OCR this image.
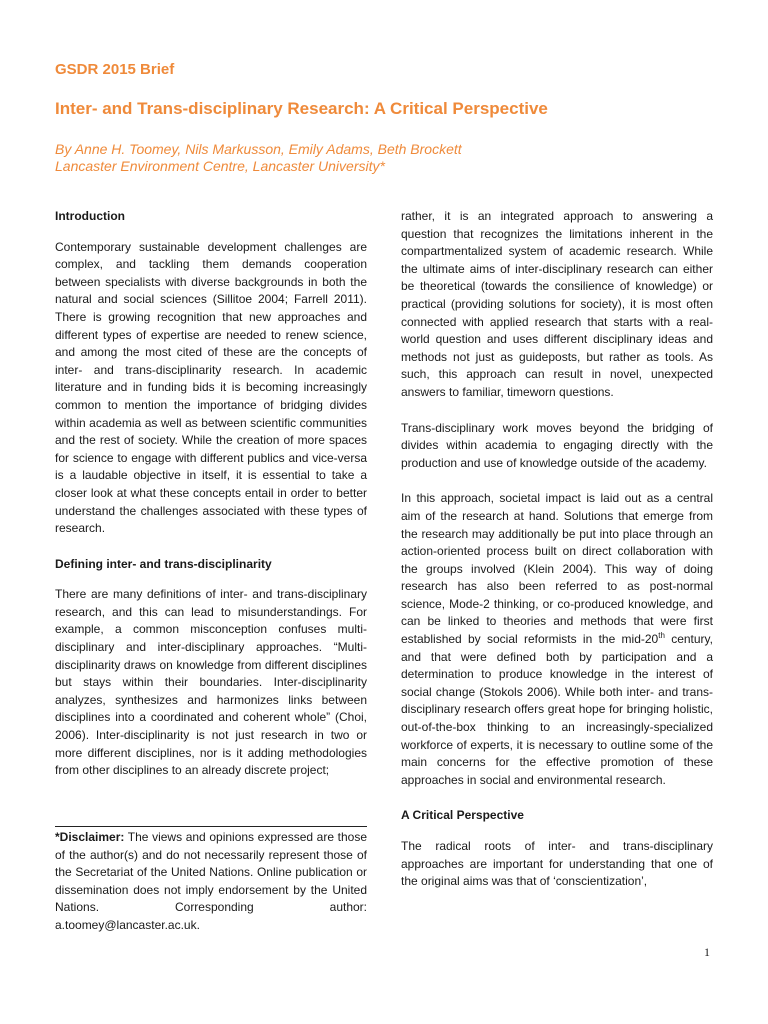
GSDR 2015 Brief
Inter- and Trans-disciplinary Research: A Critical Perspective
By Anne H. Toomey, Nils Markusson, Emily Adams, Beth Brockett
Lancaster Environment Centre, Lancaster University*
Introduction

Contemporary sustainable development challenges are complex, and tackling them demands cooperation between specialists with diverse backgrounds in both the natural and social sciences (Sillitoe 2004; Farrell 2011). There is growing recognition that new approaches and different types of expertise are needed to renew science, and among the most cited of these are the concepts of inter- and trans-disciplinarity research. In academic literature and in funding bids it is becoming increasingly common to mention the importance of bridging divides within academia as well as between scientific communities and the rest of society. While the creation of more spaces for science to engage with different publics and vice-versa is a laudable objective in itself, it is essential to take a closer look at what these concepts entail in order to better understand the challenges associated with these types of research.

Defining inter- and trans-disciplinarity

There are many definitions of inter- and trans-disciplinary research, and this can lead to misunderstandings. For example, a common misconception confuses multi-disciplinary and inter-disciplinary approaches. “Multi-disciplinarity draws on knowledge from different disciplines but stays within their boundaries. Inter-disciplinarity analyzes, synthesizes and harmonizes links between disciplines into a coordinated and coherent whole” (Choi, 2006). Inter-disciplinarity is not just research in two or more different disciplines, nor is it adding methodologies from other disciplines to an already discrete project;

*Disclaimer: The views and opinions expressed are those of the author(s) and do not necessarily represent those of the Secretariat of the United Nations. Online publication or dissemination does not imply endorsement by the United Nations. Corresponding author: a.toomey@lancaster.ac.uk.

rather, it is an integrated approach to answering a question that recognizes the limitations inherent in the compartmentalized system of academic research. While the ultimate aims of inter-disciplinary research can either be theoretical (towards the consilience of knowledge) or practical (providing solutions for society), it is most often connected with applied research that starts with a real-world question and uses different disciplinary ideas and methods not just as guideposts, but rather as tools. As such, this approach can result in novel, unexpected answers to familiar, timeworn questions.

Trans-disciplinary work moves beyond the bridging of divides within academia to engaging directly with the production and use of knowledge outside of the academy.

In this approach, societal impact is laid out as a central aim of the research at hand. Solutions that emerge from the research may additionally be put into place through an action-oriented process built on direct collaboration with the groups involved (Klein 2004). This way of doing research has also been referred to as post-normal science, Mode-2 thinking, or co-produced knowledge, and can be linked to theories and methods that were first established by social reformists in the mid-20th century, and that were defined both by participation and a determination to produce knowledge in the interest of social change (Stokols 2006). While both inter- and trans-disciplinary research offers great hope for bringing holistic, out-of-the-box thinking to an increasingly-specialized workforce of experts, it is necessary to outline some of the main concerns for the effective promotion of these approaches in social and environmental research.

A Critical Perspective

The radical roots of inter- and trans-disciplinary approaches are important for understanding that one of the original aims was that of ‘conscientization’,

1
